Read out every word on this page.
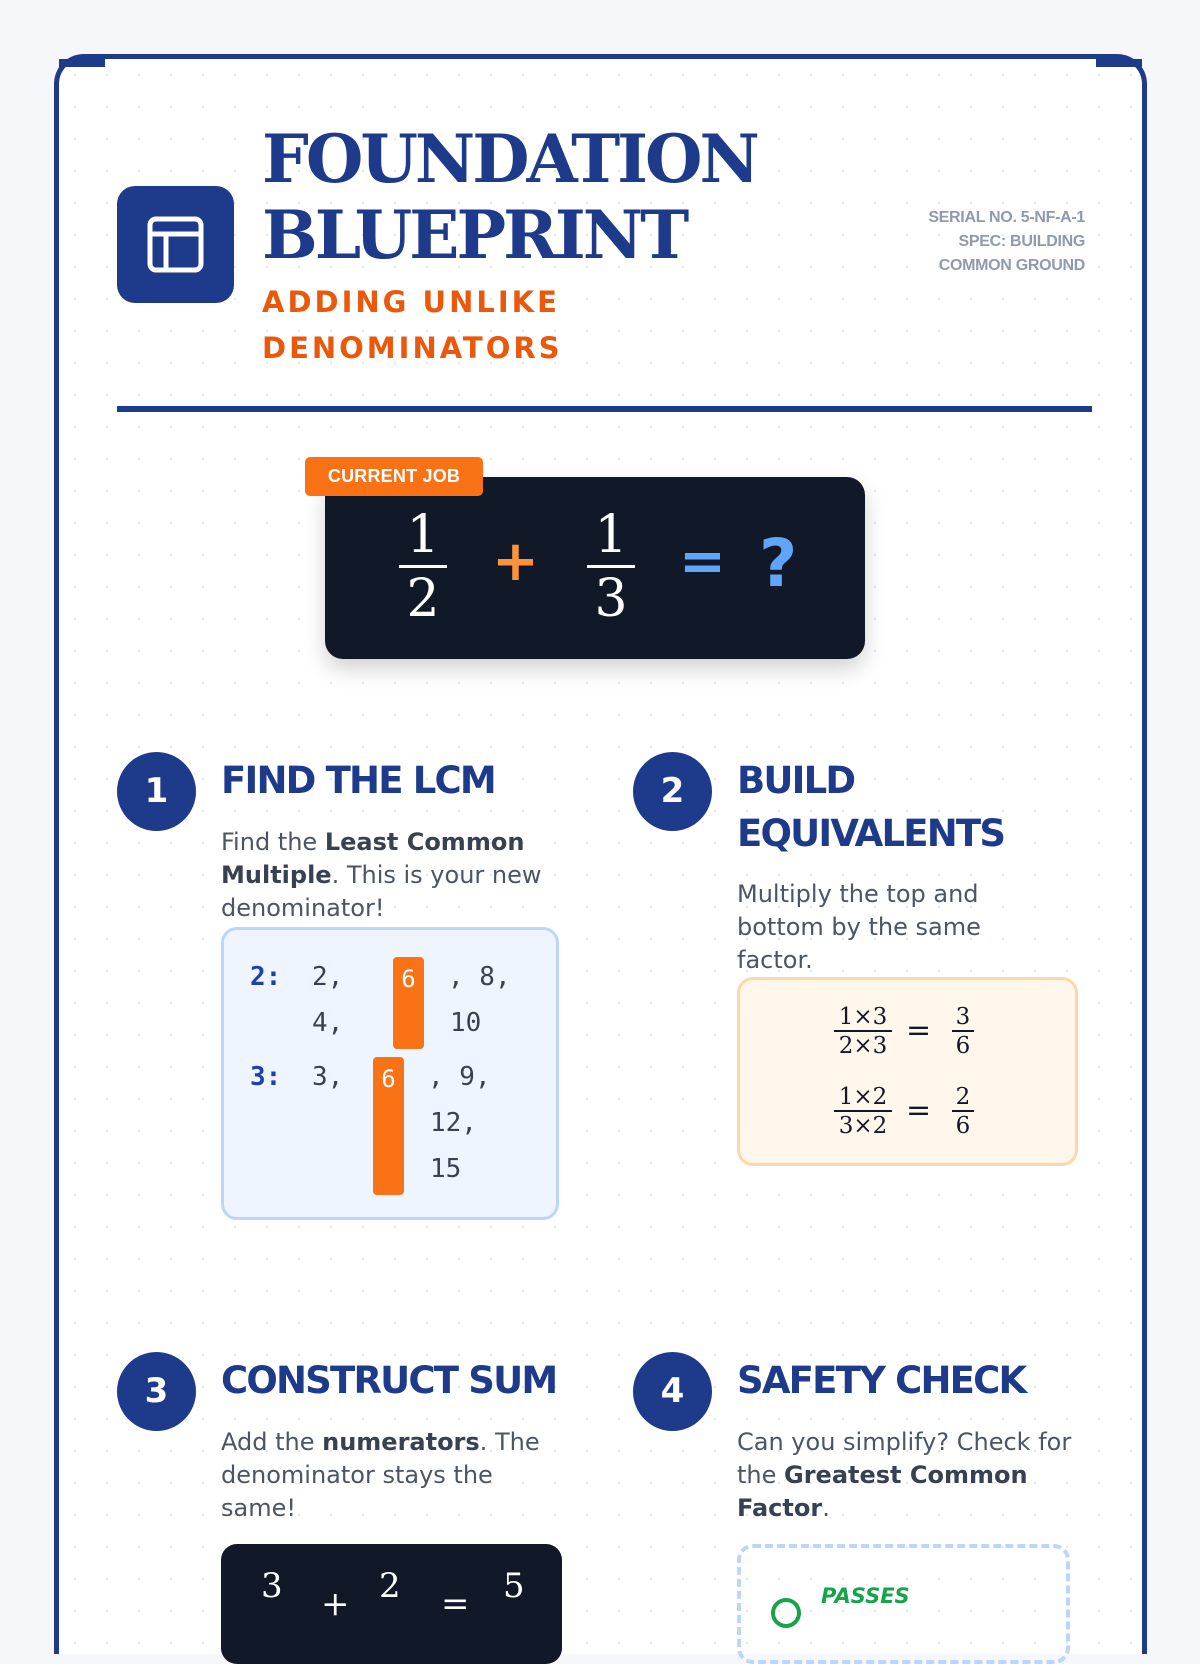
FOUNDATION
BLUEPRINT
ADDING UNLIKE DENOMINATORS
SERIAL NO. 5-NF-A-1
SPEC: BUILDING
COMMON GROUND
1
2
+ 1
3
= ?
CURRENT JOB
1	FIND THE LCM
Find the Least Common Multiple. This is your new denominator!
2: 2,
4,
6	, 8,
10
3: 3,	6	, 9,
12,
15
2	BUILD
EQUIVALENTS
Multiply the top and bottom by the same factor.
1×3
2×3 = 3
6
1×2
3×2 = 2
6
3	CONSTRUCT SUM
Add the numerators. The denominator stays the same!
3 + 2 = 5
4	SAFETY CHECK
Can you simplify? Check for the Greatest Common Factor.
PASSES
